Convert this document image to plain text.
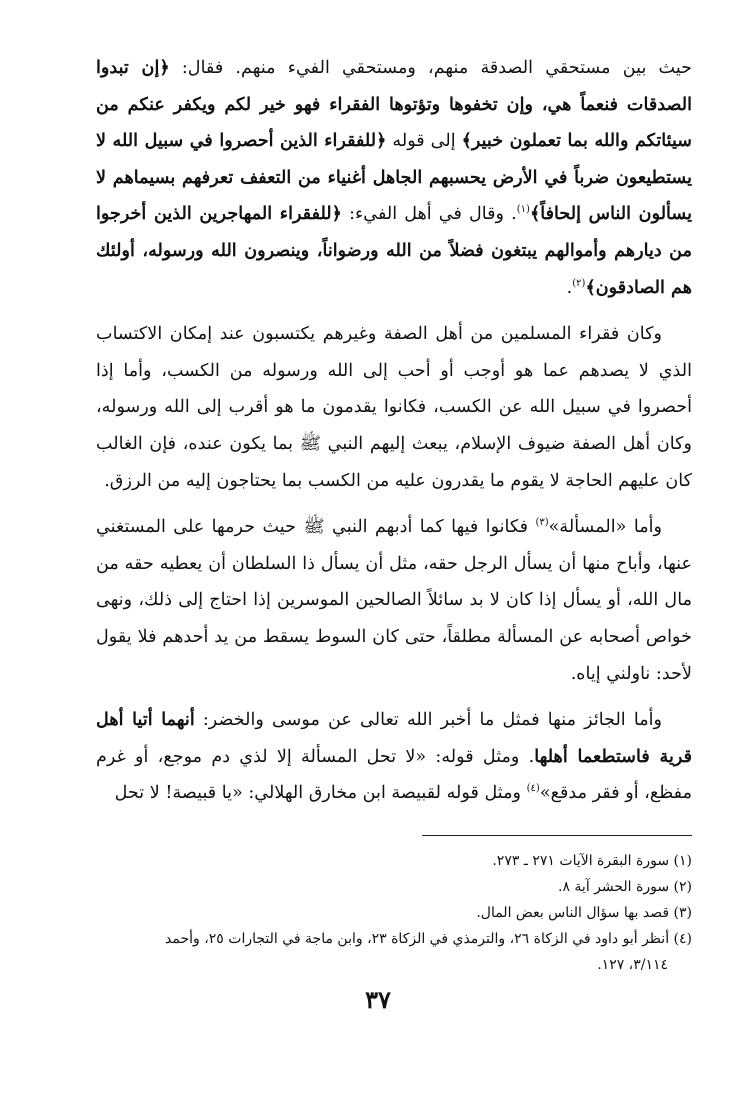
حيث بين مستحقي الصدقة منهم، ومستحقي الفيء منهم. فقال: ﴿إن تبدوا الصدقات فنعماً هي، وإن تخفوها وتؤتوها الفقراء فهو خير لكم ويكفر عنكم من سيئاتكم والله بما تعملون خبير﴾ إلى قوله ﴿للفقراء الذين أحصروا في سبيل الله لا يستطيعون ضرباً في الأرض يحسبهم الجاهل أغنياء من التعفف تعرفهم بسيماهم لا يسألون الناس إلحافاً﴾$^{(١)}$. وقال في أهل الفيء: ﴿للفقراء المهاجرين الذين أخرجوا من ديارهم وأموالهم يبتغون فضلاً من الله ورضواناً، وينصرون الله ورسوله، أولئك هم الصادقون﴾$^{(٢)}$.

وكان فقراء المسلمين من أهل الصفة وغيرهم يكتسبون عند إمكان الاكتساب الذي لا يصدهم عما هو أوجب أو أحب إلى الله ورسوله من الكسب، وأما إذا أحصروا في سبيل الله عن الكسب، فكانوا يقدمون ما هو أقرب إلى الله ورسوله، وكان أهل الصفة ضيوف الإسلام، يبعث إليهم النبي ﷺ بما يكون عنده، فإن الغالب كان عليهم الحاجة لا يقوم ما يقدرون عليه من الكسب بما يحتاجون إليه من الرزق.

وأما «المسألة»$^{(٣)}$ فكانوا فيها كما أدبهم النبي ﷺ حيث حرمها على المستغني عنها، وأباح منها أن يسأل الرجل حقه، مثل أن يسأل ذا السلطان أن يعطيه حقه من مال الله، أو يسأل إذا كان لا بد سائلاً الصالحين الموسرين إذا احتاج إلى ذلك، ونهى خواص أصحابه عن المسألة مطلقاً، حتى كان السوط يسقط من يد أحدهم فلا يقول لأحد: ناولني إياه.

وأما الجائز منها فمثل ما أخبر الله تعالى عن موسى والخضر: أنهما أتيا أهل قرية فاستطعما أهلها. ومثل قوله: «لا تحل المسألة إلا لذي دم موجع، أو غرم مفظع، أو فقر مدقع»$^{(٤)}$ ومثل قوله لقبيصة ابن مخارق الهلالي: «يا قبيصة! لا تحل

(١) سورة البقرة الآيات ٢٧١ ـ ٢٧٣.
(٢) سورة الحشر آية ٨.
(٣) قصد بها سؤال الناس بعض المال.
(٤) أنظر أبو داود في الزكاة ٢٦، والترمذي في الزكاة ٢٣، وابن ماجة في التجارات ٢٥، وأحمد
٣/١١٤، ١٢٧.
٣٧
